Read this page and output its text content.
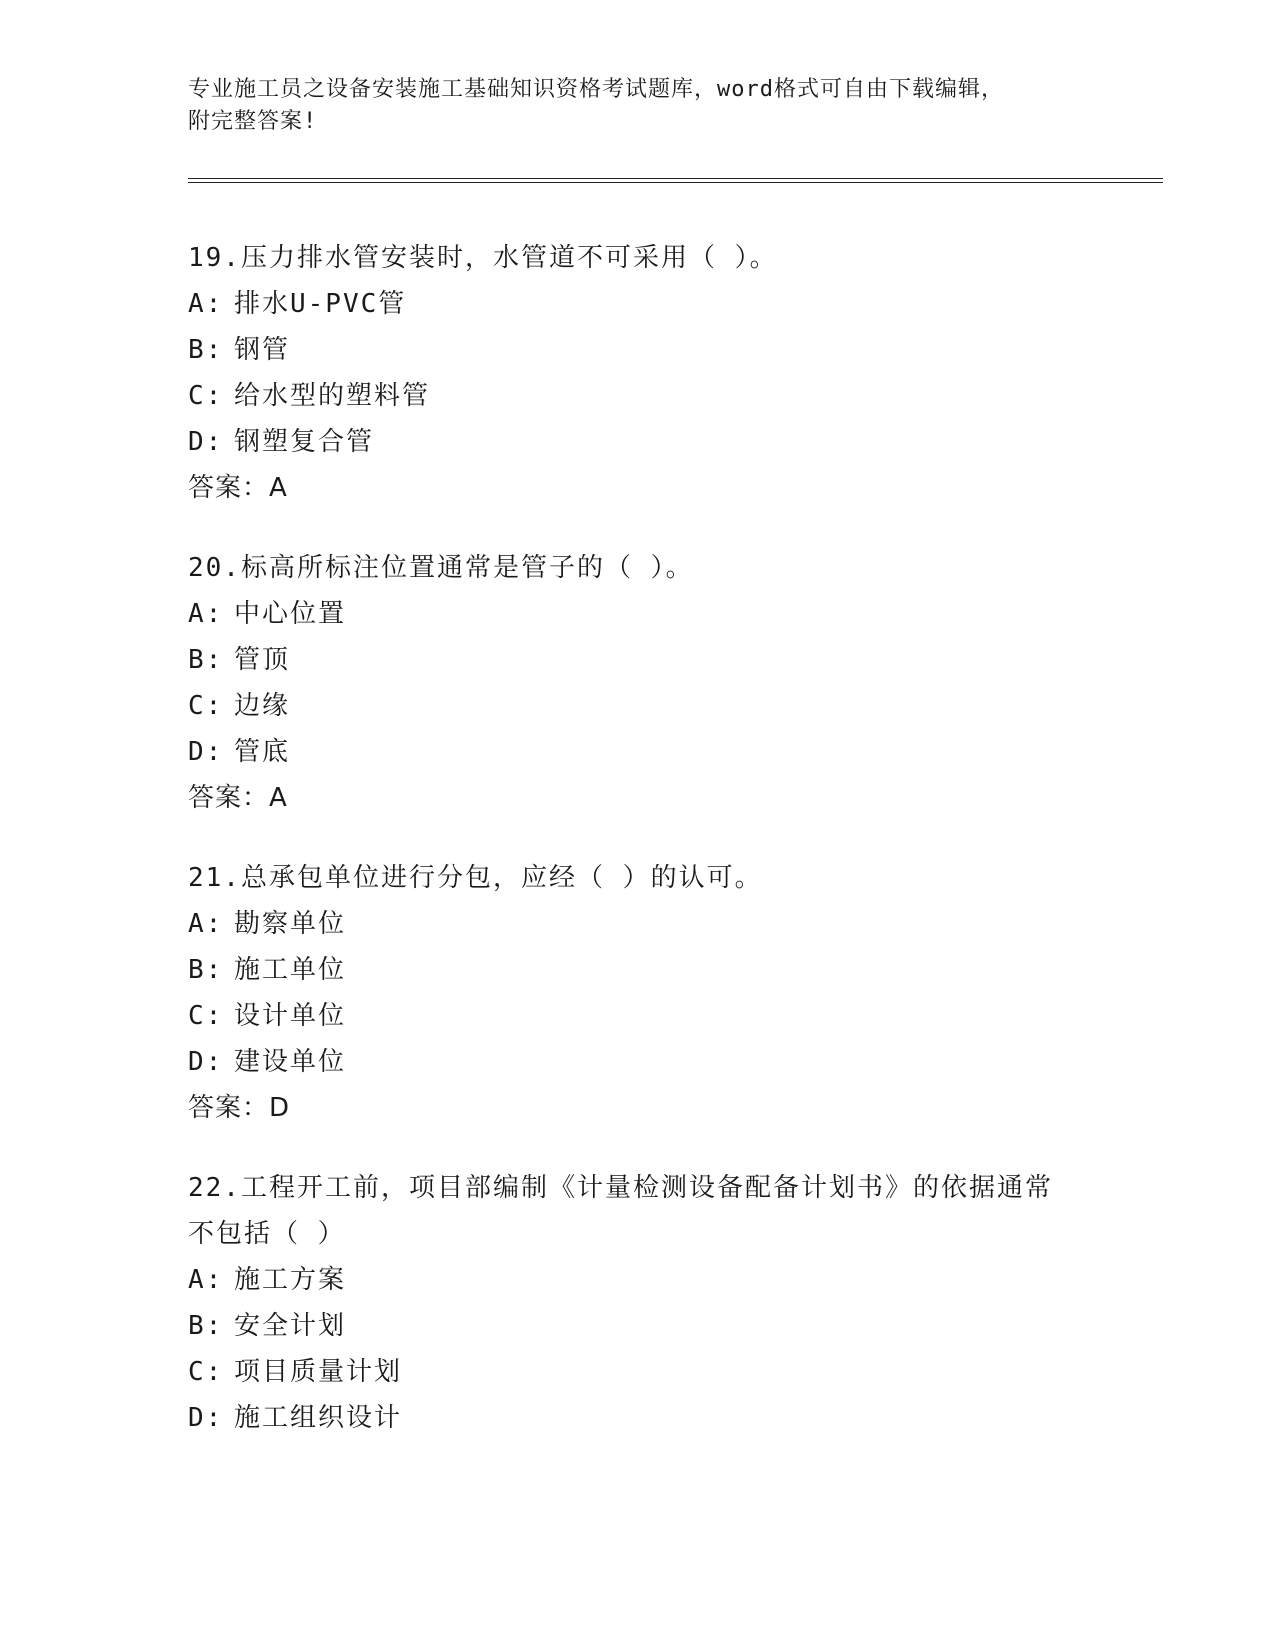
专业施工员之设备安装施工基础知识资格考试题库，word格式可自由下载编辑，
附完整答案!
19.压力排水管安装时，水管道不可采用（ ）。
A: 排水U-PVC管
B: 钢管
C: 给水型的塑料管
D: 钢塑复合管
答案：A
20.标高所标注位置通常是管子的（ ）。
A: 中心位置
B: 管顶
C: 边缘
D: 管底
答案：A
21.总承包单位进行分包，应经（ ）的认可。
A: 勘察单位
B: 施工单位
C: 设计单位
D: 建设单位
答案：D
22.工程开工前，项目部编制《计量检测设备配备计划书》的依据通常
不包括（ ）
A: 施工方案
B: 安全计划
C: 项目质量计划
D: 施工组织设计
